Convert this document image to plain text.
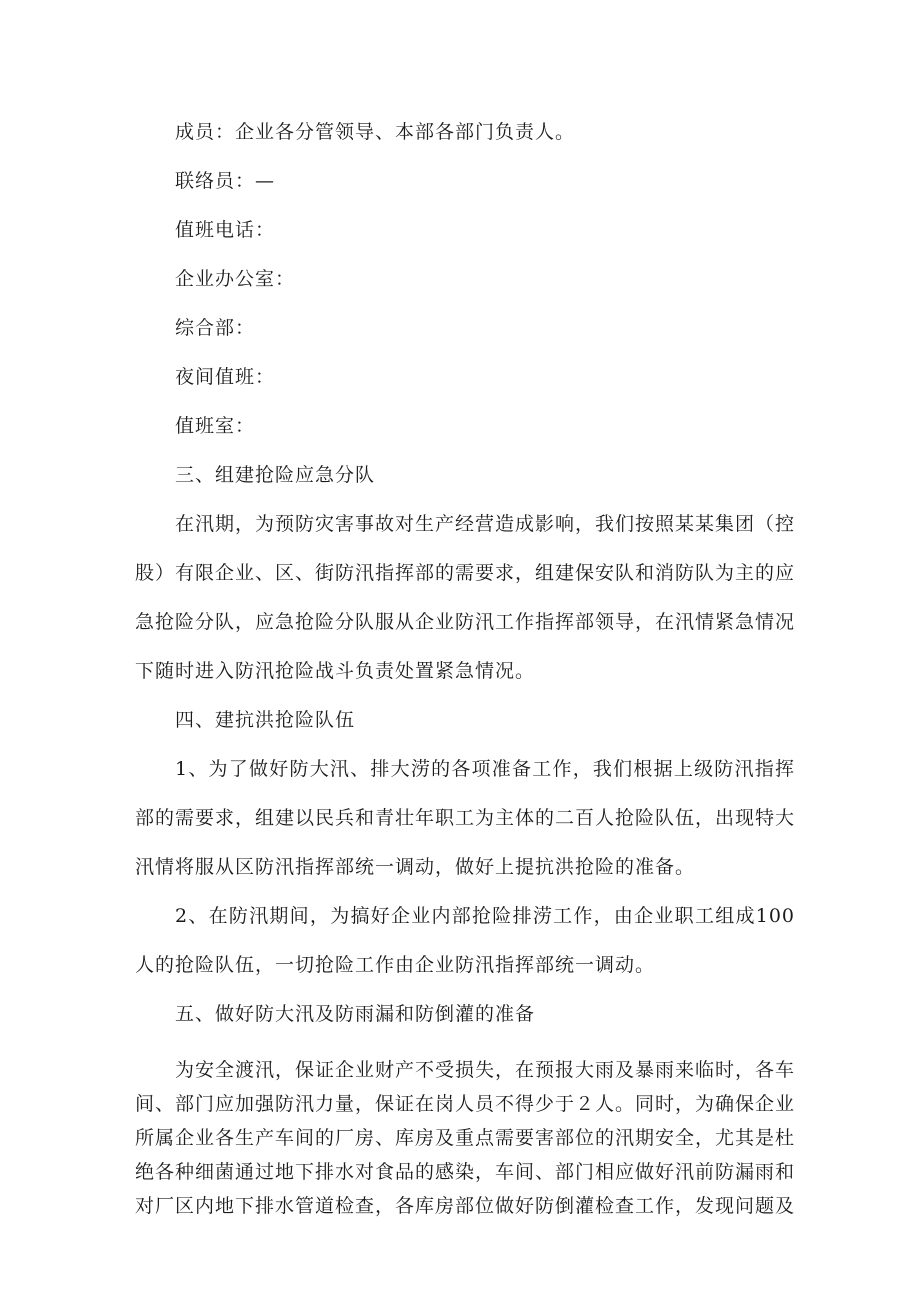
成员：企业各分管领导、本部各部门负责人。

联络员：—

值班电话：

企业办公室：

综合部：

夜间值班：

值班室：

三、组建抢险应急分队

在汛期，为预防灾害事故对生产经营造成影响，我们按照某某集团（控股）有限企业、区、街防汛指挥部的需要求，组建保安队和消防队为主的应急抢险分队，应急抢险分队服从企业防汛工作指挥部领导，在汛情紧急情况下随时进入防汛抢险战斗负责处置紧急情况。

四、建抗洪抢险队伍

1、为了做好防大汛、排大涝的各项准备工作，我们根据上级防汛指挥部的需要求，组建以民兵和青壮年职工为主体的二百人抢险队伍，出现特大汛情将服从区防汛指挥部统一调动，做好上提抗洪抢险的准备。

2、在防汛期间，为搞好企业内部抢险排涝工作，由企业职工组成100人的抢险队伍，一切抢险工作由企业防汛指挥部统一调动。

五、做好防大汛及防雨漏和防倒灌的准备

为安全渡汛，保证企业财产不受损失，在预报大雨及暴雨来临时，各车间、部门应加强防汛力量，保证在岗人员不得少于２人。同时，为确保企业所属企业各生产车间的厂房、库房及重点需要害部位的汛期安全，尤其是杜绝各种细菌通过地下排水对食品的感染，车间、部门相应做好汛前防漏雨和对厂区内地下排水管道检查，各库房部位做好防倒灌检查工作，发现问题及
